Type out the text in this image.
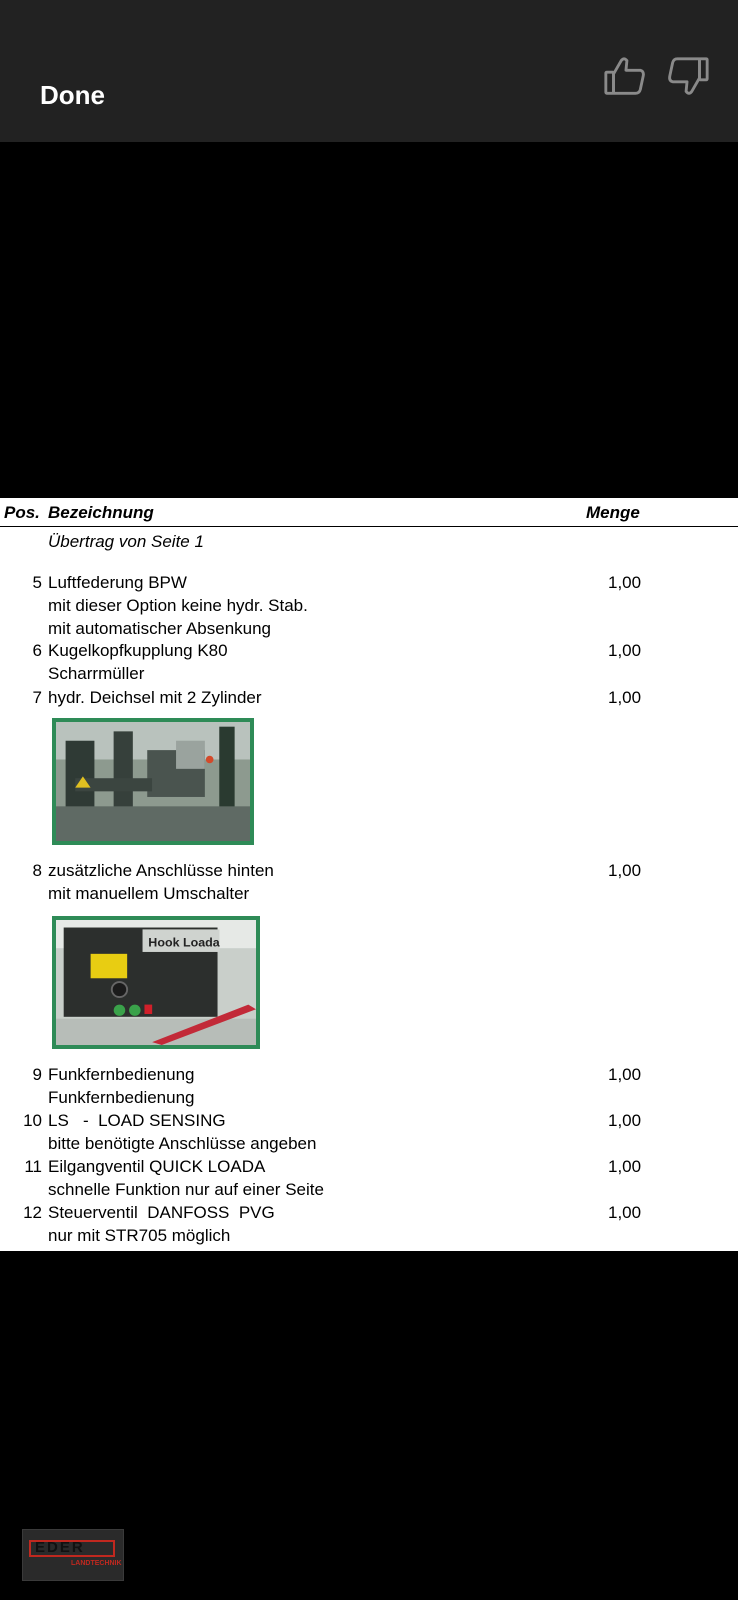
Done
Pos. Bezeichnung	Menge
Übertrag von Seite 1
5 Luftfederung BPW	1,00
mit dieser Option keine hydr. Stab.
mit automatischer Absenkung
6 Kugelkopfkupplung K80	1,00
Scharrmüller
7 hydr. Deichsel mit 2 Zylinder	1,00
8 zusätzliche Anschlüsse hinten	1,00
mit manuellem Umschalter
Hook Loada
9 Funkfernbedienung	1,00
Funkfernbedienung
10 LS   -  LOAD SENSING	1,00
bitte benötigte Anschlüsse angeben
11 Eilgangventil QUICK LOADA	1,00
schnelle Funktion nur auf einer Seite
12 Steuerventil  DANFOSS  PVG	1,00
nur mit STR705 möglich
EDER
LANDTECHNIK
